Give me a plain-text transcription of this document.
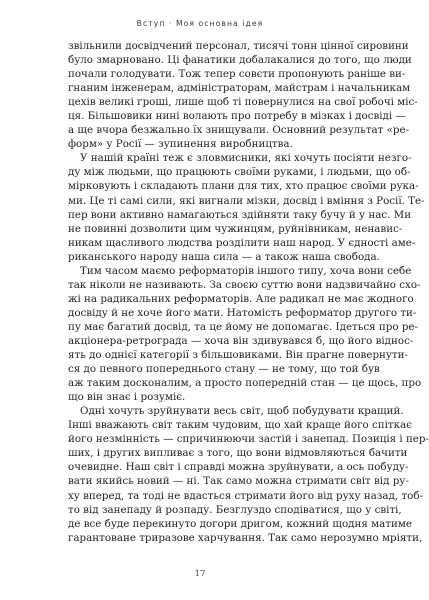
Вступ · Моя основна ідея
звільнили досвідчений персонал, тисячі тонн цінної сировини
було змарновано. Ці фанатики добалакалися до того, що люди
почали голодувати. Тож тепер совєти пропонують раніше ви-
гнаним інженерам, адміністраторам, майстрам і начальникам
цехів великі гроші, лише щоб ті повернулися на свої робочі міс-
ця. Більшовики нині волають про потребу в мізках і досвіді —
а ще вчора безжально їх знищували. Основний результат «ре-
форм» у Росії — зупинення виробництва.
У нашій країні теж є зловмисники, які хочуть посіяти незго-
ду між людьми, що працюють своїми руками, і людьми, що об-
мірковують і складають плани для тих, хто працює своїми рука-
ми. Це ті самі сили, які вигнали мізки, досвід і вміння з Росії. Те-
пер вони активно намагаються здійняти таку бучу й у нас. Ми
не повинні дозволити цим чужинцям, руйнівникам, ненавис-
никам щасливого людства розділити наш народ. У єдності аме-
риканського народу наша сила — а також наша свобода.
Тим часом маємо реформаторів іншого типу, хоча вони себе
так ніколи не називають. За своєю суттю вони надзвичайно схо-
жі на радикальних реформаторів. Але радикал не має жодного
досвіду й не хоче його мати. Натомість реформатор другого ти-
пу має багатий досвід, та це йому не допомагає. Ідеться про ре-
акціонера-ретрограда — хоча він здивувався б, що його віднос-
ять до однієї категорії з більшовиками. Він прагне повернути-
ся до певного попереднього стану — не тому, що той був
аж таким досконалим, а просто попередній стан — це щось, про
що він знає і розуміє.
Одні хочуть зруйнувати весь світ, щоб побудувати кращий.
Інші вважають світ таким чудовим, що хай краще його спіткає
його незмінність — спричинюючи застій і занепад. Позиція і пер-
ших, і других випливає з того, що вони відмовляються бачити
очевидне. Наш світ і справді можна зруйнувати, а ось побуду-
вати якийсь новий — ні. Так само можна стримати світ від ру-
ху вперед, та тоді не вдасться стримати його від руху назад, тоб-
то від занепаду й розпаду. Безглуздо сподіватися, що у світі,
де все буде перекинуто догори дригом, кожний щодня матиме
гарантоване триразове харчування. Так само нерозумно мріяти,
17
